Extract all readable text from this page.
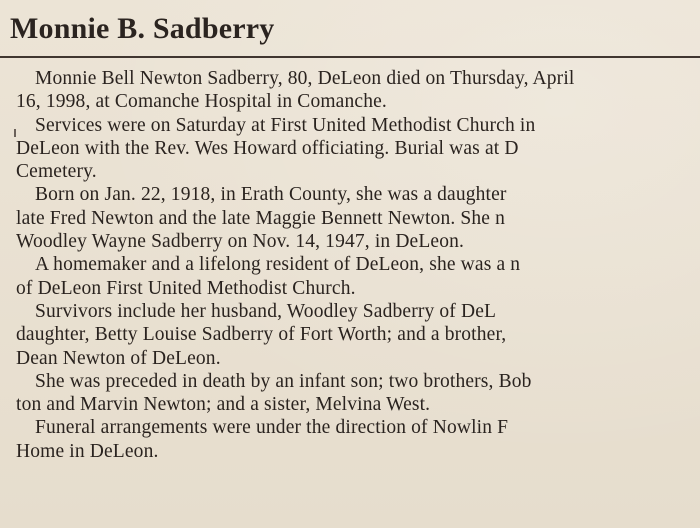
Monnie B. Sadberry
Monnie Bell Newton Sadberry, 80, DeLeon died on Thursday, April
16, 1998, at Comanche Hospital in Comanche.
Services were on Saturday at First United Methodist Church in
DeLeon with the Rev. Wes Howard officiating. Burial was at D
Cemetery.
Born on Jan. 22, 1918, in Erath County, she was a daughter
late Fred Newton and the late Maggie Bennett Newton. She n
Woodley Wayne Sadberry on Nov. 14, 1947, in DeLeon.
A homemaker and a lifelong resident of DeLeon, she was a n
of DeLeon First United Methodist Church.
Survivors include her husband, Woodley Sadberry of DeL
daughter, Betty Louise Sadberry of Fort Worth; and a brother,
Dean Newton of DeLeon.
She was preceded in death by an infant son; two brothers, Bob
ton and Marvin Newton; and a sister, Melvina West.
Funeral arrangements were under the direction of Nowlin F
Home in DeLeon.
